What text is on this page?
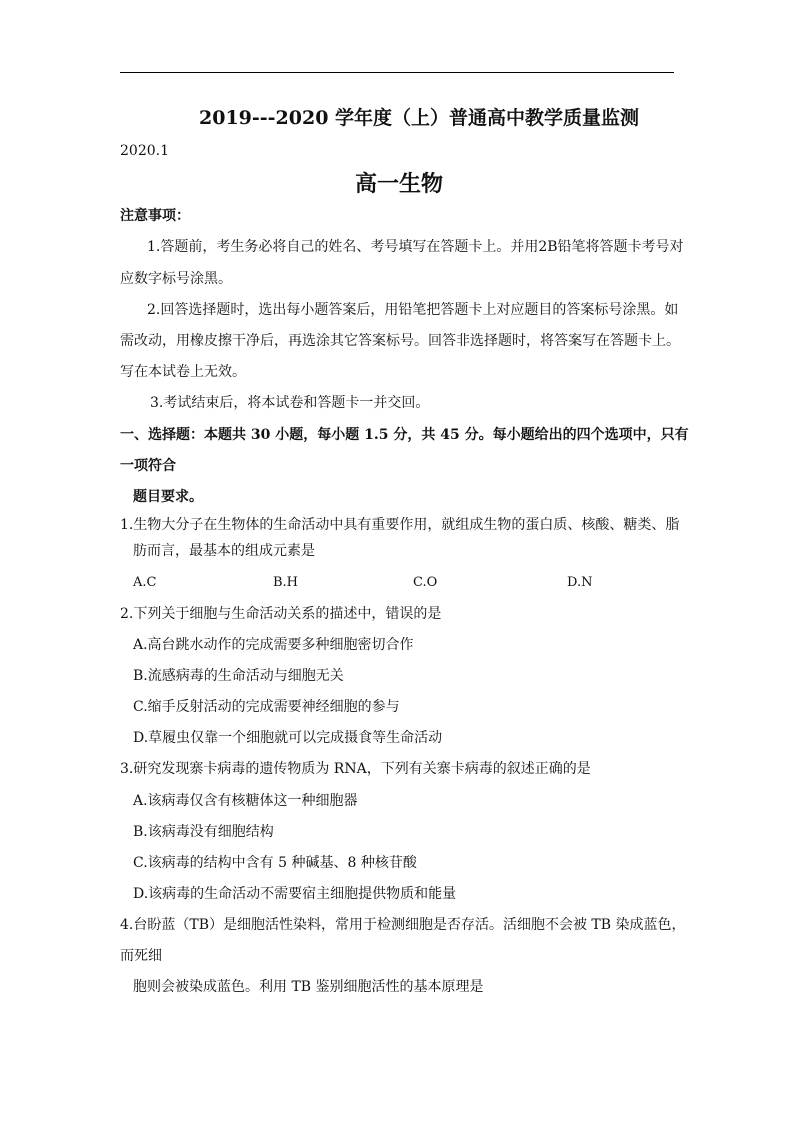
2019---2020 学年度（上）普通高中教学质量监测
2020.1
高一生物
注意事项：
1.答题前，考生务必将自己的姓名、考号填写在答题卡上。并用2B铅笔将答题卡考号对
应数字标号涂黑。
2.回答选择题时，选出每小题答案后，用铅笔把答题卡上对应题目的答案标号涂黑。如
需改动，用橡皮擦干净后，再选涂其它答案标号。回答非选择题时，将答案写在答题卡上。
写在本试卷上无效。
3.考试结束后，将本试卷和答题卡一并交回。
一、选择题：本题共 30 小题，每小题 1.5 分，共 45 分。每小题给出的四个选项中，只有
一项符合
题目要求。
1.生物大分子在生物体的生命活动中具有重要作用，就组成生物的蛋白质、核酸、糖类、脂
肪而言，最基本的组成元素是
A.C	B.H	C.O	D.N
2.下列关于细胞与生命活动关系的描述中，错误的是
A.高台跳水动作的完成需要多种细胞密切合作
B.流感病毒的生命活动与细胞无关
C.缩手反射活动的完成需要神经细胞的参与
D.草履虫仅靠一个细胞就可以完成摄食等生命活动
3.研究发现寨卡病毒的遗传物质为 RNA，下列有关寨卡病毒的叙述正确的是
A.该病毒仅含有核糖体这一种细胞器
B.该病毒没有细胞结构
C.该病毒的结构中含有 5 种碱基、8 种核苷酸
D.该病毒的生命活动不需要宿主细胞提供物质和能量
4.台盼蓝（TB）是细胞活性染料，常用于检测细胞是否存活。活细胞不会被 TB 染成蓝色，
而死细
胞则会被染成蓝色。利用 TB 鉴别细胞活性的基本原理是
